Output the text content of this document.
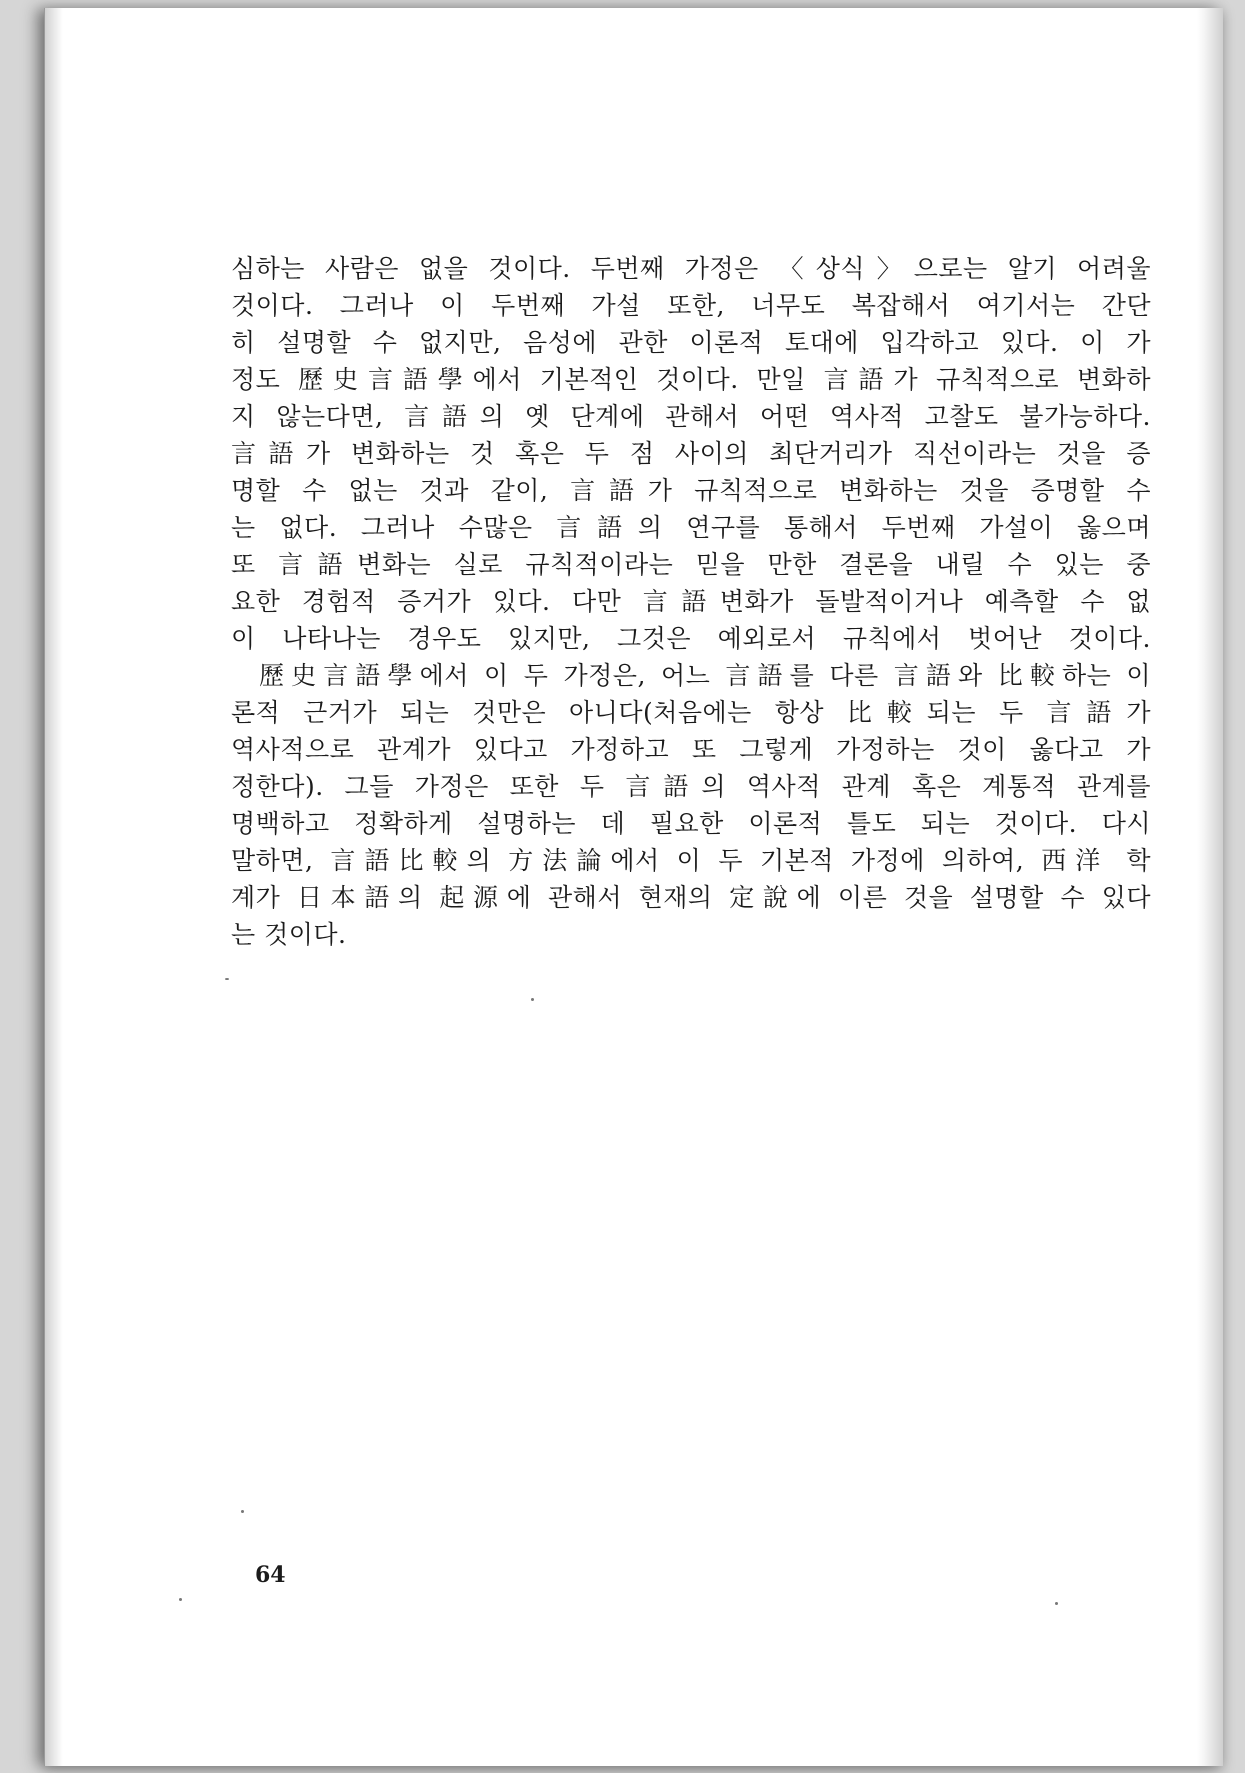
심하는 사람은 없을 것이다. 두번째 가정은 〈상식〉으로는 알기 어려울
것이다. 그러나 이 두번째 가설 또한, 너무도 복잡해서 여기서는 간단
히 설명할 수 없지만, 음성에 관한 이론적 토대에 입각하고 있다. 이 가
정도 歷史言語學에서 기본적인 것이다. 만일 言語가 규칙적으로 변화하
지 않는다면, 言語의 옛 단계에 관해서 어떤 역사적 고찰도 불가능하다.
言語가 변화하는 것 혹은 두 점 사이의 최단거리가 직선이라는 것을 증
명할 수 없는 것과 같이, 言語가 규칙적으로 변화하는 것을 증명할 수
는 없다. 그러나 수많은 言語의 연구를 통해서 두번째 가설이 옳으며
또 言語변화는 실로 규칙적이라는 믿을 만한 결론을 내릴 수 있는 중
요한 경험적 증거가 있다. 다만 言語변화가 돌발적이거나 예측할 수 없
이 나타나는 경우도 있지만, 그것은 예외로서 규칙에서 벗어난 것이다.
歷史言語學에서 이 두 가정은, 어느 言語를 다른 言語와 比較하는 이
론적 근거가 되는 것만은 아니다(처음에는 항상 比較되는 두 言語가
역사적으로 관계가 있다고 가정하고 또 그렇게 가정하는 것이 옳다고 가
정한다). 그들 가정은 또한 두 言語의 역사적 관계 혹은 계통적 관계를
명백하고 정확하게 설명하는 데 필요한 이론적 틀도 되는 것이다. 다시
말하면, 言語比較의 方法論에서 이 두 기본적 가정에 의하여, 西洋 학
계가 日本語의 起源에 관해서 현재의 定說에 이른 것을 설명할 수 있다
는 것이다.
64
